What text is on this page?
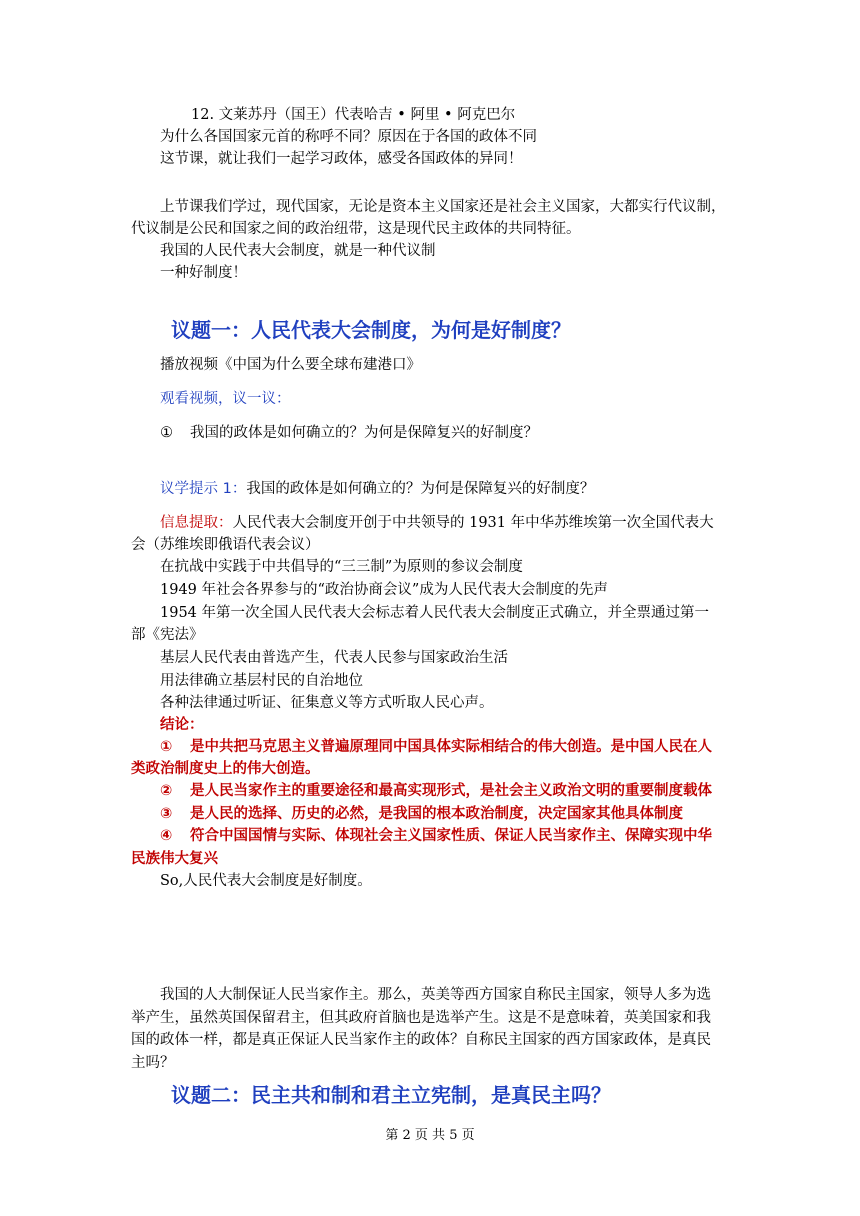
12. 文莱苏丹（国王）代表哈吉 • 阿里 • 阿克巴尔
为什么各国国家元首的称呼不同？原因在于各国的政体不同
这节课，就让我们一起学习政体，感受各国政体的异同！
上节课我们学过，现代国家，无论是资本主义国家还是社会主义国家，大都实行代议制，
代议制是公民和国家之间的政治纽带，这是现代民主政体的共同特征。
我国的人民代表大会制度，就是一种代议制
一种好制度！
议题一：人民代表大会制度，为何是好制度？
播放视频《中国为什么要全球布建港口》
观看视频，议一议：
① 我国的政体是如何确立的？为何是保障复兴的好制度？
议学提示 1：我国的政体是如何确立的？为何是保障复兴的好制度？
信息提取：人民代表大会制度开创于中共领导的 1931 年中华苏维埃第一次全国代表大
会（苏维埃即俄语代表会议）
在抗战中实践于中共倡导的“三三制”为原则的参议会制度
1949 年社会各界参与的“政治协商会议”成为人民代表大会制度的先声
1954 年第一次全国人民代表大会标志着人民代表大会制度正式确立，并全票通过第一
部《宪法》
基层人民代表由普选产生，代表人民参与国家政治生活
用法律确立基层村民的自治地位
各种法律通过听证、征集意义等方式听取人民心声。
结论：
① 是中共把马克思主义普遍原理同中国具体实际相结合的伟大创造。是中国人民在人
类政治制度史上的伟大创造。
② 是人民当家作主的重要途径和最高实现形式，是社会主义政治文明的重要制度载体
③ 是人民的选择、历史的必然，是我国的根本政治制度，决定国家其他具体制度
④ 符合中国国情与实际、体现社会主义国家性质、保证人民当家作主、保障实现中华
民族伟大复兴
So,人民代表大会制度是好制度。
我国的人大制保证人民当家作主。那么，英美等西方国家自称民主国家，领导人多为选
举产生，虽然英国保留君主，但其政府首脑也是选举产生。这是不是意味着，英美国家和我
国的政体一样，都是真正保证人民当家作主的政体？自称民主国家的西方国家政体，是真民
主吗？
议题二：民主共和制和君主立宪制，是真民主吗？
第 2 页 共 5 页
